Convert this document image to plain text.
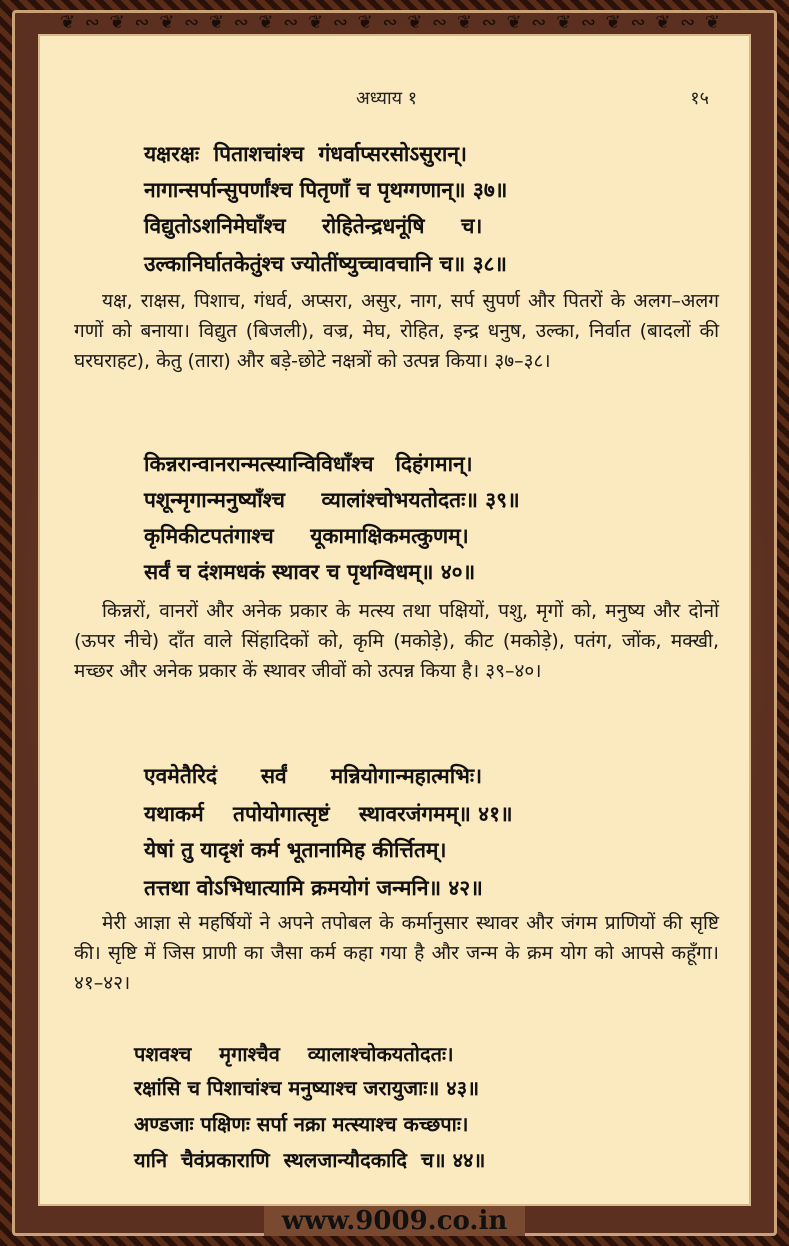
❦ ∾ ❦ ∾ ❦ ∾ ❦ ∾ ❦ ∾ ❦ ∾ ❦ ∾ ❦ ∾ ❦ ∾ ❦ ∾ ❦ ∾ ❦ ∾ ❦ ∾ ❦
अध्याय १	१५
यक्षरक्षः  पिताशचांश्च  गंधर्वाप्सरसोऽसुरान्।
नागान्सर्पान्सुपर्णांश्च पितृणाँ च पृथग्गणान्॥ ३७॥
विद्युतोऽशनिमेघाँश्च     रोहितेन्द्रधनूंषि     च।
उल्कानिर्घातकेतुंश्च ज्योतींष्युच्चावचानि च॥ ३८॥
यक्ष, राक्षस, पिशाच, गंधर्व, अप्सरा, असुर, नाग, सर्प सुपर्ण और पितरों के अलग–अलग गणों को बनाया। विद्युत (बिजली), वज्र, मेघ, रोहित, इन्द्र धनुष, उल्का, निर्वात (बादलों की घरघराहट), केतु (तारा) और बड़े-छोटे नक्षत्रों को उत्पन्न किया। ३७–३८।
किन्नरान्वानरान्मत्स्यान्विविधाँश्च   दिहंगमान्।
पशून्मृगान्मनुष्याँश्च     व्यालांश्चोभयतोदतः॥ ३९॥
कृमिकीटपतंगाश्च     यूकामाक्षिकमत्कुणम्।
सर्वं च दंशमधकं स्थावर च पृथग्विधम्॥ ४०॥
किन्नरों, वानरों और अनेक प्रकार के मत्स्य तथा पक्षियों, पशु, मृगों को, मनुष्य और दोनों (ऊपर नीचे) दाँत वाले सिंहादिकों को, कृमि (मकोड़े), कीट (मकोड़े), पतंग, जोंक, मक्खी, मच्छर और अनेक प्रकार कें स्थावर जीवों को उत्पन्न किया है। ३९–४०।
एवमेतैरिदं      सर्वं      मन्नियोगान्महात्मभिः।
यथाकर्म    तपोयोगात्सृष्टं    स्थावरजंगमम्॥ ४१॥
येषां तु यादृशं कर्म भूतानामिह कीर्त्तितम्।
तत्तथा वोऽभिधात्यामि क्रमयोगं जन्मनि॥ ४२॥
मेरी आज्ञा से महर्षियों ने अपने तपोबल के कर्मानुसार स्थावर और जंगम प्राणियों की सृष्टि की। सृष्टि में जिस प्राणी का जैसा कर्म कहा गया है और जन्म के क्रम योग को आपसे कहूँगा। ४१–४२।
पशवश्च    मृगाश्चैव    व्यालाश्चोकयतोदतः।
रक्षांसि च पिशाचांश्च मनुष्याश्च जरायुजाः॥ ४३॥
अण्डजाः पक्षिणः सर्पा नक्रा मत्स्याश्च कच्छपाः।
यानि  चैवंप्रकाराणि  स्थलजान्यौदकादि  च॥ ४४॥
www.9009.co.in
